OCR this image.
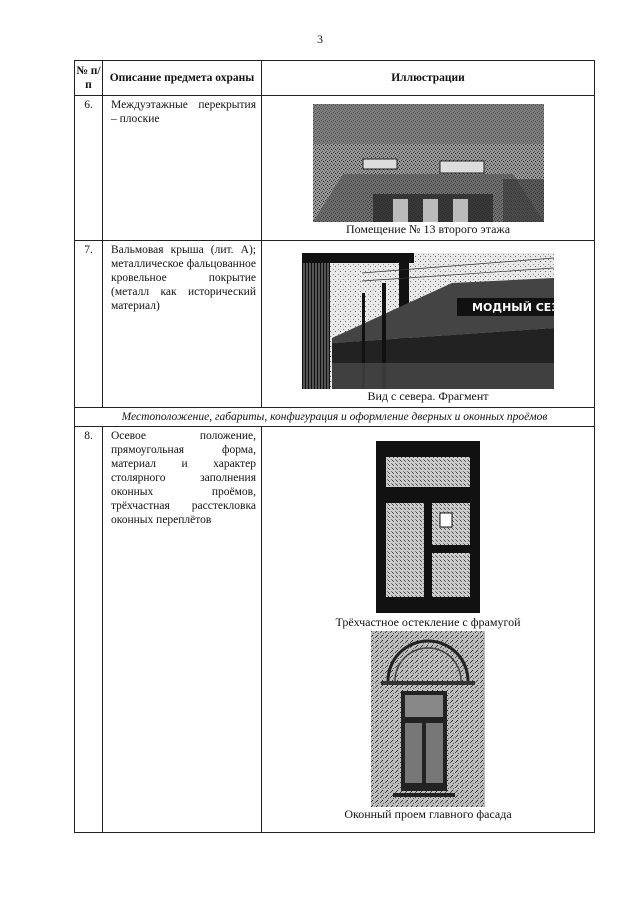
3
№ п/п	Описание предмета охраны	Иллюстрации
6.	Междуэтажные перекрытия – плоские	Помещение № 13 второго этажа

7.	Вальмовая крыша (лит. А); металлическое фальцованное кровельное покрытие (металл как исторический материал)	МОДНЫЙ СЕЗО
Вид с севера. Фрагмент

Местоположение, габариты, конфигурация и оформление дверных и оконных проёмов		
8.	Осевое положение, прямоугольная форма, материал и характер столярного заполнения оконных проёмов, трёхчастная расстекловка оконных переплётов	Трёхчастное остекление с фрамугой
Оконный проем главного фасада
